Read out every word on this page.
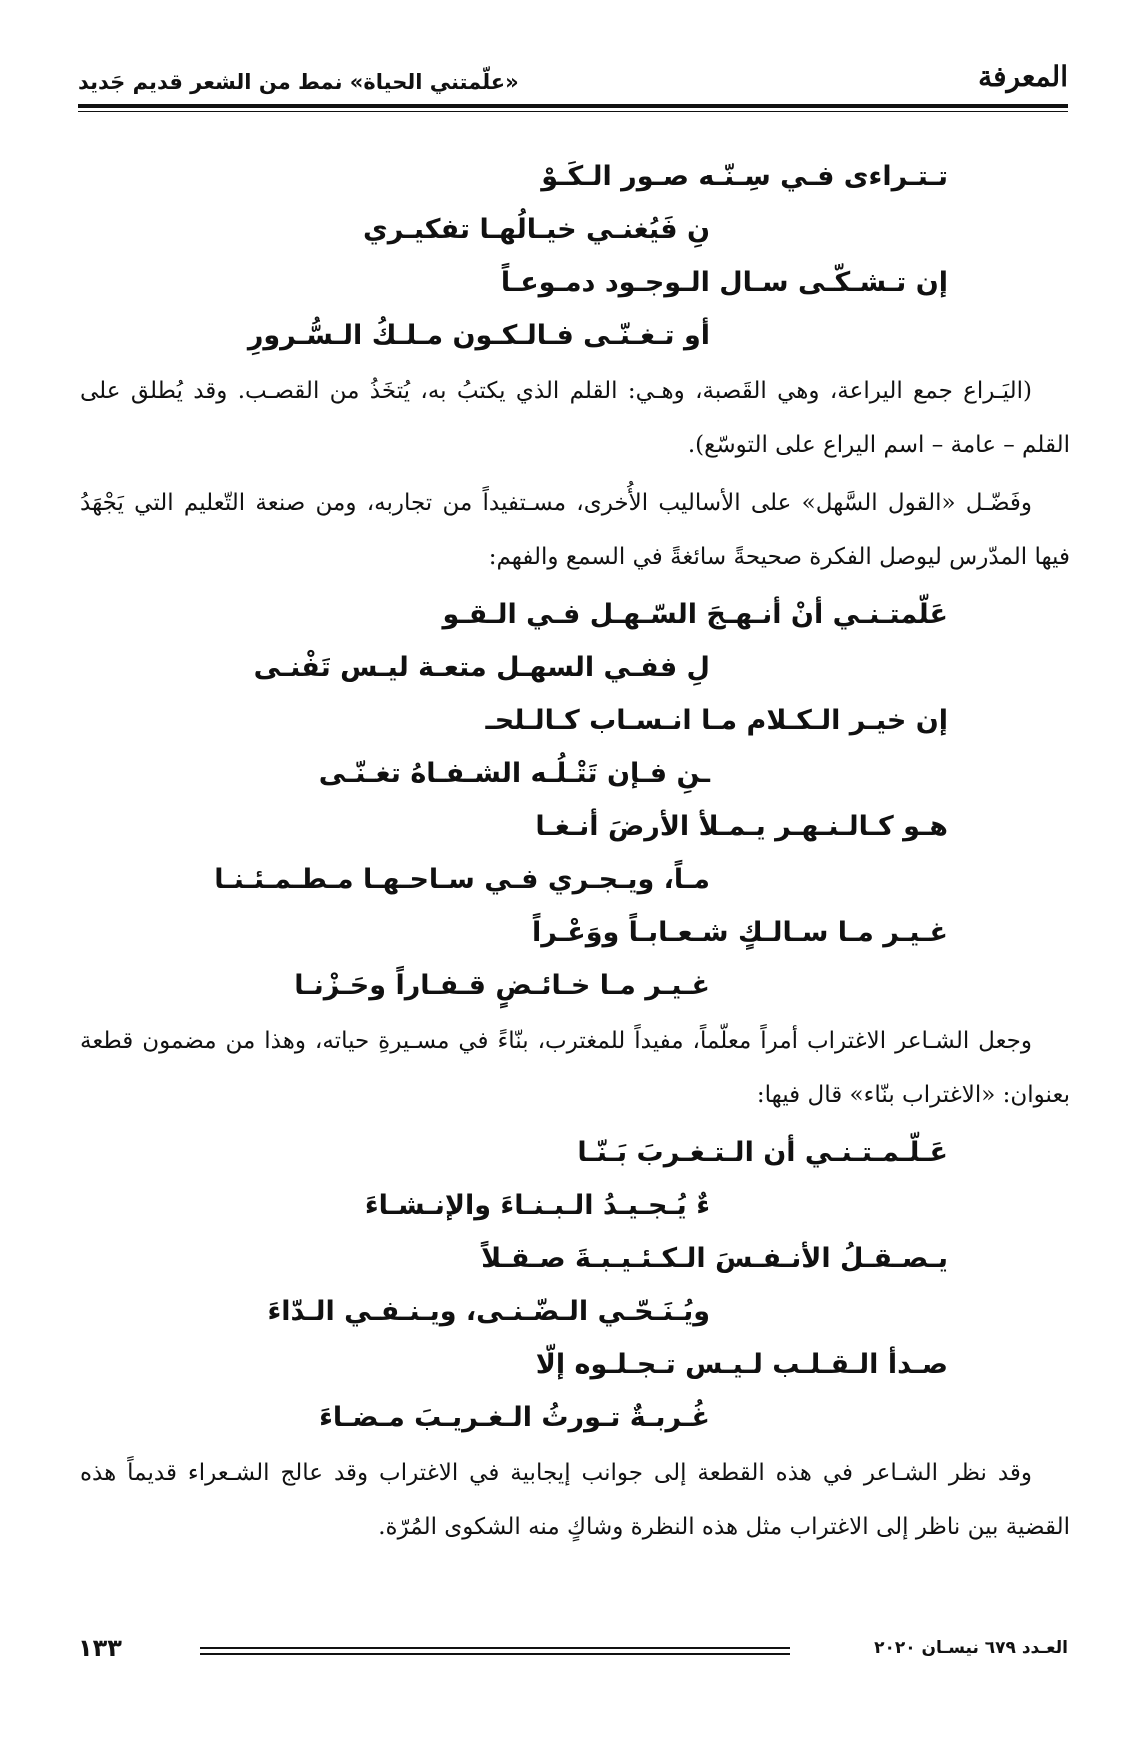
المعرفة
«علّمتني الحياة» نمط من الشعر قديم جَديد
تـتـراءى فـي سِـنّـه صـور الـكَـوْ
نِ فَيُغنـي خيـالُهـا تفكيـري
إن تـشـكّـى سـال الـوجـود دمـوعـاً
أو تـغـنّـى فـالـكـون مـلـكُ الـسُّـرورِ

(اليَـراع جمع اليراعة، وهي القَصبة، وهـي: القلم الذي يكتبُ به، يُتخَذُ من القصـب. وقد يُطلق على القلم – عامة – اسم اليراع على التوسّع).

وفَضّـل «القول السَّهل» على الأساليب الأُخرى، مسـتفيداً من تجاربه، ومن صنعة التّعليم التي يَجْهَدُ فيها المدّرس ليوصل الفكرة صحيحةً سائغةً في السمع والفهم:

عَلّمتـنـي أنْ أنـهـجَ السّـهـل فـي الـقـو
لِ ففـي السهـل متعـة ليـس تَفْنـى
إن خيـر الـكـلام مـا انـسـاب كـالـلحـ
ـنِ فـإن تَتْـلُـه الشـفـاهُ تغـنّـى
هـو كـالـنـهـر يـمـلأ الأرضَ أنـغـا
مـاً، ويـجـري فـي سـاحـهـا مـطـمـئـنـا
غـيـر مـا سـالـكٍ شـعـابـاً ووَعْـراً
غـيـر مـا خـائـضٍ قـفـاراً وحَـزْنـا

وجعل الشـاعر الاغتراب أمراً معلّماً، مفيداً للمغترب، بنّاءً في مسـيرةِ حياته، وهذا من مضمون قطعة بعنوان: «الاغتراب بنّاء» قال فيها:

عَـلّـمـتـنـي أن الـتـغـربَ بَـنّـا
ءٌ يُـجـيـدُ الـبـنـاءَ والإنـشـاءَ
يـصـقـلُ الأنـفـسَ الـكـئـيـبـةَ صـقـلاً
ويُـنَـحّـي الـضّـنـى، ويـنـفـي الـدّاءَ
صـدأ الـقـلـب لـيـس تـجـلـوه إلّا
غُـربـةٌ تـورثُ الـغـريـبَ مـضـاءَ

وقد نظر الشـاعر في هذه القطعة إلى جوانب إيجابية في الاغتراب وقد عالج الشـعراء قديماً هذه القضية بين ناظر إلى الاغتراب مثل هذه النظرة وشاكٍ منه الشكوى المُرّة.

١٣٣	العـدد ٦٧٩ نيسـان ٢٠٢٠
